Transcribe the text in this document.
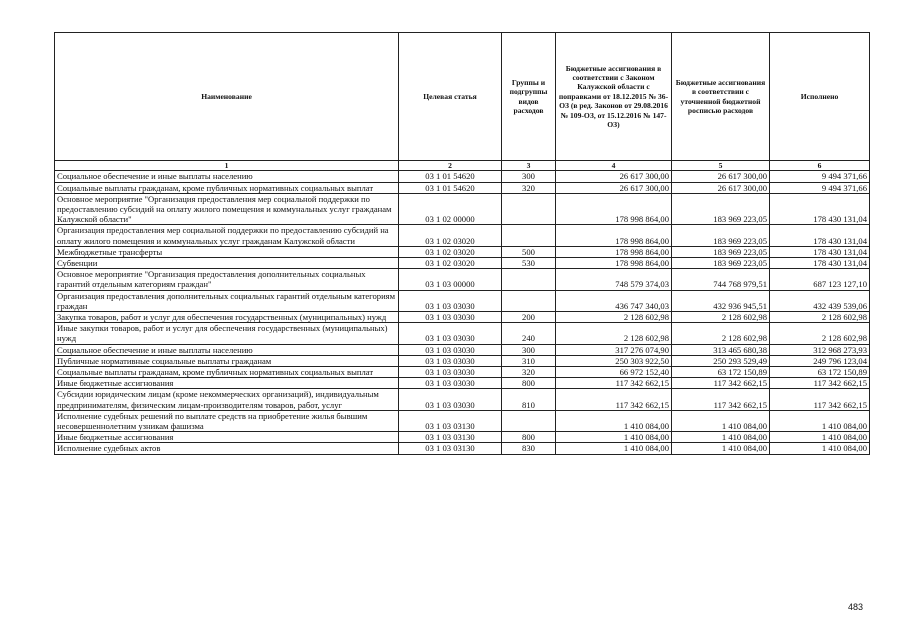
Наименование	Целевая статья	Группы и подгруппы видов расходов	Бюджетные ассигнования в соответствии с Законом Калужской области с поправками от 18.12.2015 № 36-ОЗ (в ред. Законов от 29.08.2016 № 109-ОЗ, от 15.12.2016 № 147-ОЗ)	Бюджетные ассигнования в соответствии с уточненной бюджетной росписью расходов	Исполнено
1	2	3	4	5	6
Социальное обеспечение и иные выплаты населению	03 1 01 54620	300	26 617 300,00	26 617 300,00	9 494 371,66
Социальные выплаты гражданам, кроме публичных нормативных социальных выплат	03 1 01 54620	320	26 617 300,00	26 617 300,00	9 494 371,66
Основное мероприятие "Организация предоставления мер социальной поддержки по предоставлению субсидий на оплату жилого помещения и коммунальных услуг гражданам Калужской области"	03 1 02 00000		178 998 864,00	183 969 223,05	178 430 131,04
Организация предоставления мер социальной поддержки по предоставлению субсидий на оплату жилого помещения и коммунальных услуг гражданам Калужской области	03 1 02 03020		178 998 864,00	183 969 223,05	178 430 131,04
Межбюджетные трансферты	03 1 02 03020	500	178 998 864,00	183 969 223,05	178 430 131,04
Субвенции	03 1 02 03020	530	178 998 864,00	183 969 223,05	178 430 131,04
Основное мероприятие "Организация предоставления дополнительных социальных гарантий отдельным категориям граждан"	03 1 03 00000		748 579 374,03	744 768 979,51	687 123 127,10
Организация предоставления дополнительных социальных гарантий отдельным категориям граждан	03 1 03 03030		436 747 340,03	432 936 945,51	432 439 539,06
Закупка товаров, работ и услуг для обеспечения государственных (муниципальных) нужд	03 1 03 03030	200	2 128 602,98	2 128 602,98	2 128 602,98
Иные закупки товаров, работ и услуг для обеспечения государственных (муниципальных) нужд	03 1 03 03030	240	2 128 602,98	2 128 602,98	2 128 602,98
Социальное обеспечение и иные выплаты населению	03 1 03 03030	300	317 276 074,90	313 465 680,38	312 968 273,93
Публичные нормативные социальные выплаты гражданам	03 1 03 03030	310	250 303 922,50	250 293 529,49	249 796 123,04
Социальные выплаты гражданам, кроме публичных нормативных социальных выплат	03 1 03 03030	320	66 972 152,40	63 172 150,89	63 172 150,89
Иные бюджетные ассигнования	03 1 03 03030	800	117 342 662,15	117 342 662,15	117 342 662,15
Субсидии юридическим лицам (кроме некоммерческих организаций), индивидуальным предпринимателям, физическим лицам-производителям товаров, работ, услуг	03 1 03 03030	810	117 342 662,15	117 342 662,15	117 342 662,15
Исполнение судебных решений по выплате средств на приобретение жилья бывшим несовершеннолетним узникам фашизма	03 1 03 03130		1 410 084,00	1 410 084,00	1 410 084,00
Иные бюджетные ассигнования	03 1 03 03130	800	1 410 084,00	1 410 084,00	1 410 084,00
Исполнение судебных актов	03 1 03 03130	830	1 410 084,00	1 410 084,00	1 410 084,00
483
